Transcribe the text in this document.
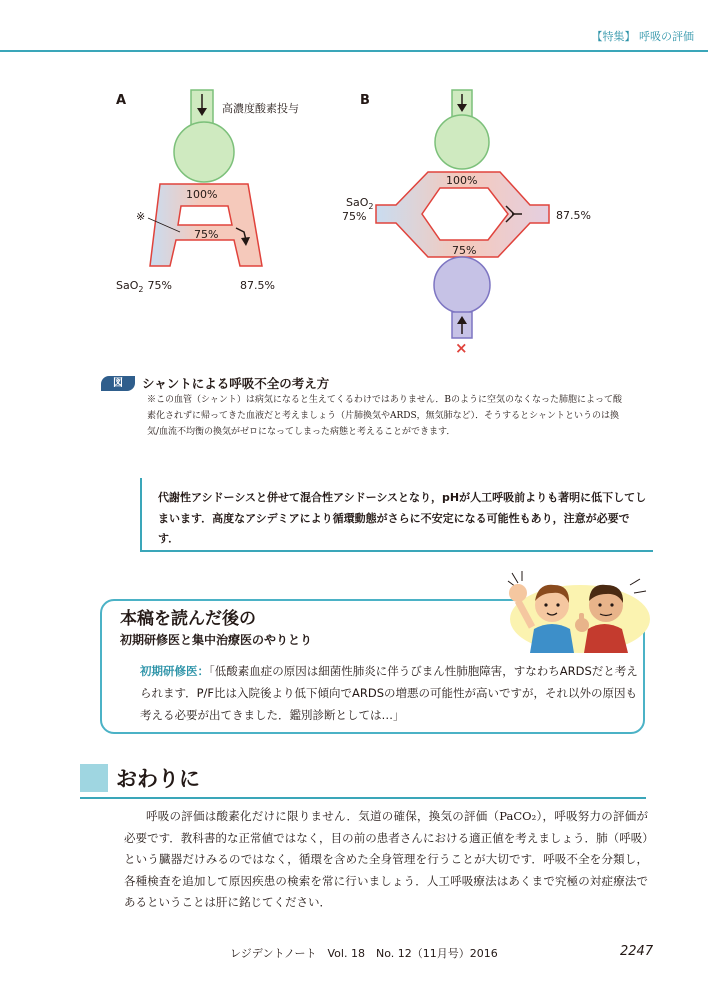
【特集】 呼吸の評価
A
高濃度酸素投与
100%
※
75%
SaO$_2$ 75%	87.5%
B
100%
75%
SaO$_2$
75%	87.5%
×
図	シャントによる呼吸不全の考え方
※この血管（シャント）は病気になると生えてくるわけではありません．Bのように空気のなくなった肺胞によって酸素化されずに帰ってきた血液だと考えましょう（片肺換気やARDS，無気肺など）．そうするとシャントというのは換気/血流不均衡の換気がゼロになってしまった病態と考えることができます．
代謝性アシドーシスと併せて混合性アシドーシスとなり，pHが人工呼吸前よりも著明に低下してしまいます．高度なアシデミアにより循環動態がさらに不安定になる可能性もあり，注意が必要です．
本稿を読んだ後の
初期研修医と集中治療医のやりとり
初期研修医：「低酸素血症の原因は細菌性肺炎に伴うびまん性肺胞障害，すなわちARDSだと考えられます．P/F比は入院後より低下傾向でARDSの増悪の可能性が高いですが，それ以外の原因も考える必要が出てきました．鑑別診断としては…」
おわりに
呼吸の評価は酸素化だけに限りません．気道の確保，換気の評価（PaCO₂），呼吸努力の評価が必要です．教科書的な正常値ではなく，目の前の患者さんにおける適正値を考えましょう．肺（呼吸）という臓器だけみるのではなく，循環を含めた全身管理を行うことが大切です．呼吸不全を分類し，各種検査を追加して原因疾患の検索を常に行いましょう．人工呼吸療法はあくまで究極の対症療法であるということは肝に銘じてください．
レジデントノート　Vol. 18　No. 12（11月号）2016	2247
